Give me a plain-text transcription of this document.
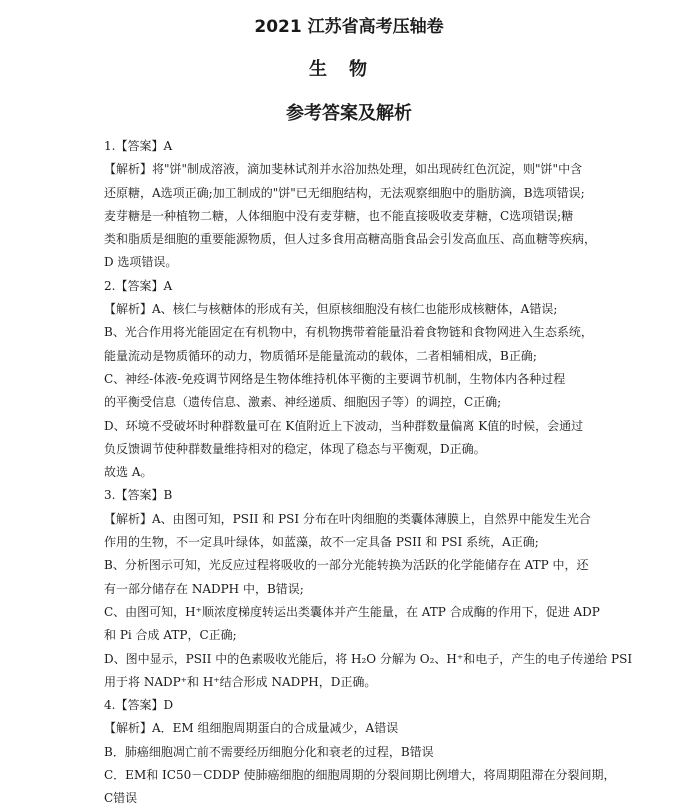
2021 江苏省高考压轴卷
生物
参考答案及解析
1.【答案】A
【解析】将"饼"制成溶液，滴加斐林试剂并水浴加热处理，如出现砖红色沉淀，则"饼"中含
还原糖，A选项正确;加工制成的"饼"已无细胞结构，无法观察细胞中的脂肪滴，B选项错误;
麦芽糖是一种植物二糖，人体细胞中没有麦芽糖，也不能直接吸收麦芽糖，C选项错误;糖
类和脂质是细胞的重要能源物质，但人过多食用高糖高脂食品会引发高血压、高血糖等疾病，
D 选项错误。
2.【答案】A
【解析】A、核仁与核糖体的形成有关，但原核细胞没有核仁也能形成核糖体，A错误;
B、光合作用将光能固定在有机物中，有机物携带着能量沿着食物链和食物网进入生态系统，
能量流动是物质循环的动力，物质循环是能量流动的载体，二者相辅相成，B正确;
C、神经-体液-免疫调节网络是生物体维持机体平衡的主要调节机制，生物体内各种过程
的平衡受信息（遗传信息、激素、神经递质、细胞因子等）的调控，C正确;
D、环境不受破坏时种群数量可在 K值附近上下波动，当种群数量偏离 K值的时候，会通过
负反馈调节使种群数量维持相对的稳定，体现了稳态与平衡观，D正确。
故选 A。
3.【答案】B
【解析】A、由图可知，PSII 和 PSI 分布在叶肉细胞的类囊体薄膜上，自然界中能发生光合
作用的生物，不一定具叶绿体，如蓝藻，故不一定具备 PSII 和 PSI 系统，A正确;
B、分析图示可知，光反应过程将吸收的一部分光能转换为活跃的化学能储存在 ATP 中，还
有一部分储存在 NADPH 中，B错误;
C、由图可知，H⁺顺浓度梯度转运出类囊体并产生能量，在 ATP 合成酶的作用下，促进 ADP
和 Pi 合成 ATP，C正确;
D、图中显示，PSII 中的色素吸收光能后，将 H₂O 分解为 O₂、H⁺和电子，产生的电子传递给 PSI
用于将 NADP⁺和 H⁺结合形成 NADPH，D正确。
4.【答案】D
【解析】A．EM 组细胞周期蛋白的合成量减少，A错误
B．肺癌细胞凋亡前不需要经历细胞分化和衰老的过程，B错误
C．EM和 IC50－CDDP 使肺癌细胞的细胞周期的分裂间期比例增大，将周期阻滞在分裂间期，
C错误
